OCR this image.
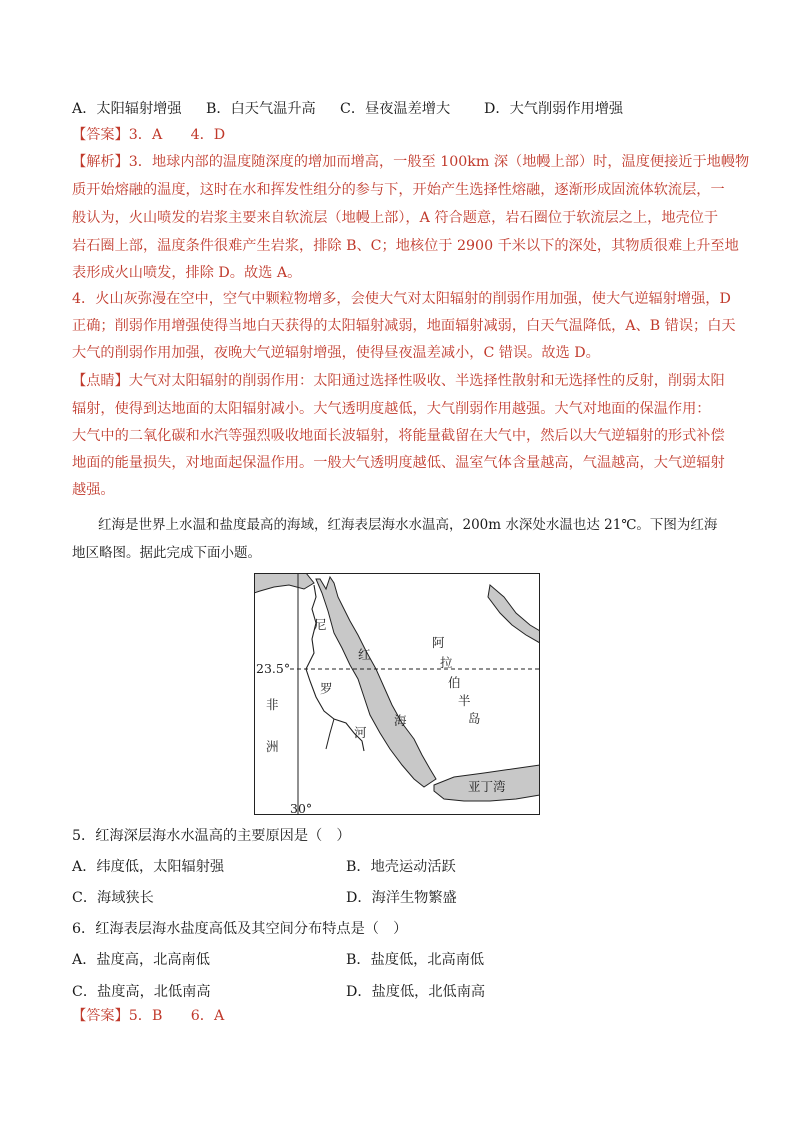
A．太阳辐射增强 B．白天气温升高 C．昼夜温差增大 D．大气削弱作用增强
【答案】3．A　　4．D
【解析】3．地球内部的温度随深度的增加而增高，一般至 100km 深（地幔上部）时，温度便接近于地幔物
质开始熔融的温度，这时在水和挥发性组分的参与下，开始产生选择性熔融，逐渐形成固流体软流层，一
般认为，火山喷发的岩浆主要来自软流层（地幔上部），A 符合题意，岩石圈位于软流层之上，地壳位于
岩石圈上部，温度条件很难产生岩浆，排除 B、C；地核位于 2900 千米以下的深处，其物质很难上升至地
表形成火山喷发，排除 D。故选 A。
4．火山灰弥漫在空中，空气中颗粒物增多，会使大气对太阳辐射的削弱作用加强，使大气逆辐射增强，D
正确；削弱作用增强使得当地白天获得的太阳辐射减弱，地面辐射减弱，白天气温降低，A、B 错误；白天
大气的削弱作用加强，夜晚大气逆辐射增强，使得昼夜温差减小，C 错误。故选 D。
【点睛】大气对太阳辐射的削弱作用：太阳通过选择性吸收、半选择性散射和无选择性的反射，削弱太阳
辐射，使得到达地面的太阳辐射减小。大气透明度越低，大气削弱作用越强。大气对地面的保温作用：
大气中的二氧化碳和水汽等强烈吸收地面长波辐射，将能量截留在大气中，然后以大气逆辐射的形式补偿
地面的能量损失，对地面起保温作用。一般大气透明度越低、温室气体含量越高，气温越高，大气逆辐射
越强。
红海是世界上水温和盐度最高的海域，红海表层海水水温高，200m 水深处水温也达 21℃。下图为红海
地区略图。据此完成下面小题。
23.5°
30°
尼
罗
河
非
洲
红
海
阿
拉
伯
半
岛
亚丁湾
5．红海深层海水水温高的主要原因是（　）
A．纬度低，太阳辐射强	B．地壳运动活跃
C．海域狭长	D．海洋生物繁盛
6．红海表层海水盐度高低及其空间分布特点是（　）
A．盐度高，北高南低	B．盐度低，北高南低
C．盐度高，北低南高	D．盐度低，北低南高
【答案】5．B　　6．A
